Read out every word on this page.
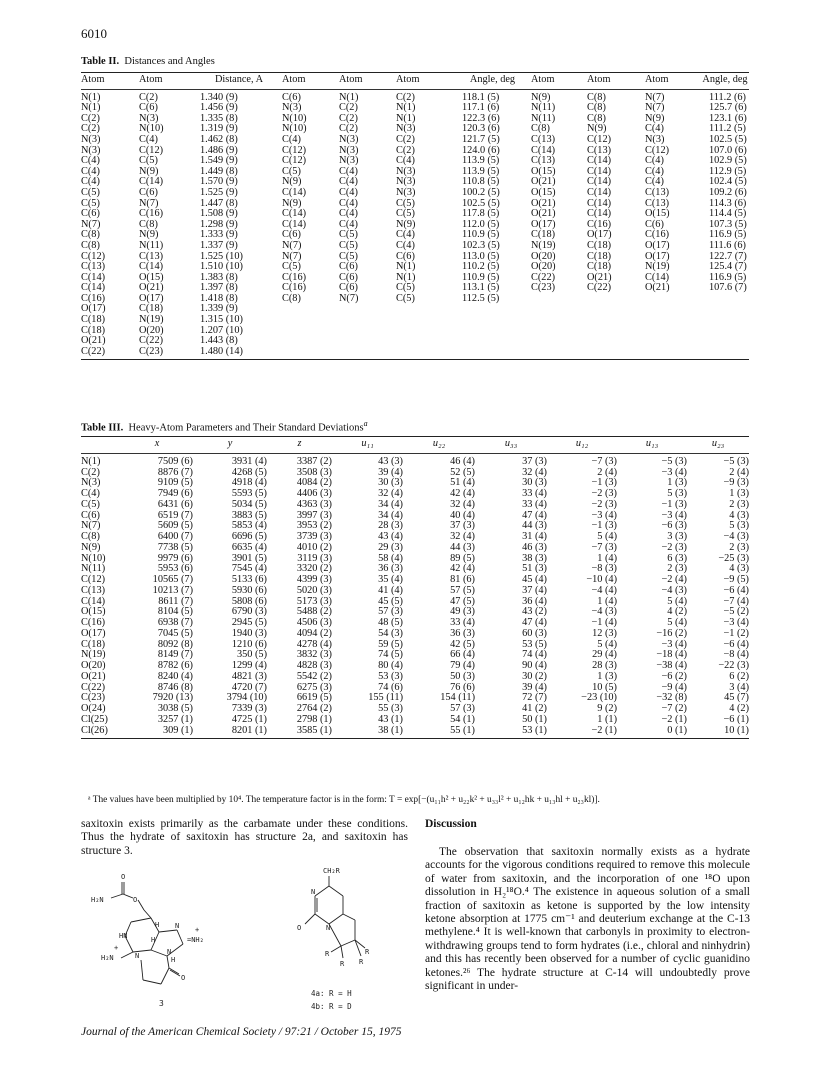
6010
Table II. Distances and Angles
Atom	Atom	Distance, A	Atom	Atom	Atom	Angle, deg	Atom	Atom	Atom	Angle, deg
N(1)	C(2)	1.340 (9)	C(6)	N(1)	C(2)	118.1 (5)	N(9)	C(8)	N(7)	111.2 (6)
N(1)	C(6)	1.456 (9)	N(3)	C(2)	N(1)	117.1 (6)	N(11)	C(8)	N(7)	125.7 (6)
C(2)	N(3)	1.335 (8)	N(10)	C(2)	N(1)	122.3 (6)	N(11)	C(8)	N(9)	123.1 (6)
C(2)	N(10)	1.319 (9)	N(10)	C(2)	N(3)	120.3 (6)	C(8)	N(9)	C(4)	111.2 (5)
N(3)	C(4)	1.462 (8)	C(4)	N(3)	C(2)	121.7 (5)	C(13)	C(12)	N(3)	102.5 (5)
N(3)	C(12)	1.486 (9)	C(12)	N(3)	C(2)	124.0 (6)	C(14)	C(13)	C(12)	107.0 (6)
C(4)	C(5)	1.549 (9)	C(12)	N(3)	C(4)	113.9 (5)	C(13)	C(14)	C(4)	102.9 (5)
C(4)	N(9)	1.449 (8)	C(5)	C(4)	N(3)	113.9 (5)	O(15)	C(14)	C(4)	112.9 (5)
C(4)	C(14)	1.570 (9)	N(9)	C(4)	N(3)	110.8 (5)	O(21)	C(14)	C(4)	102.4 (5)
C(5)	C(6)	1.525 (9)	C(14)	C(4)	N(3)	100.2 (5)	O(15)	C(14)	C(13)	109.2 (6)
C(5)	N(7)	1.447 (8)	N(9)	C(4)	C(5)	102.5 (5)	O(21)	C(14)	C(13)	114.3 (6)
C(6)	C(16)	1.508 (9)	C(14)	C(4)	C(5)	117.8 (5)	O(21)	C(14)	O(15)	114.4 (5)
N(7)	C(8)	1.298 (9)	C(14)	C(4)	N(9)	112.0 (5)	O(17)	C(16)	C(6)	107.3 (5)
C(8)	N(9)	1.333 (9)	C(6)	C(5)	C(4)	110.9 (5)	C(18)	O(17)	C(16)	116.9 (5)
C(8)	N(11)	1.337 (9)	N(7)	C(5)	C(4)	102.3 (5)	N(19)	C(18)	O(17)	111.6 (6)
C(12)	C(13)	1.525 (10)	N(7)	C(5)	C(6)	113.0 (5)	O(20)	C(18)	O(17)	122.7 (7)
C(13)	C(14)	1.510 (10)	C(5)	C(6)	N(1)	110.2 (5)	O(20)	C(18)	N(19)	125.4 (7)
C(14)	O(15)	1.383 (8)	C(16)	C(6)	N(1)	110.9 (5)	C(22)	O(21)	C(14)	116.9 (5)
C(14)	O(21)	1.397 (8)	C(16)	C(6)	C(5)	113.1 (5)	C(23)	C(22)	O(21)	107.6 (7)
C(16)	O(17)	1.418 (8)	C(8)	N(7)	C(5)	112.5 (5)				
O(17)	C(18)	1.339 (9)								
C(18)	N(19)	1.315 (10)								
C(18)	O(20)	1.207 (10)								
O(21)	C(22)	1.443 (8)								
C(22)	C(23)	1.480 (14)								
Table III. Heavy-Atom Parameters and Their Standard Deviations$^a$
	x	y	z	u₁₁	u₂₂	u₃₃	u₁₂	u₁₃	u₂₃
N(1)	7509 (6)	3931 (4)	3387 (2)	43 (3)	46 (4)	37 (3)	−7 (3)	−5 (3)	−5 (3)
C(2)	8876 (7)	4268 (5)	3508 (3)	39 (4)	52 (5)	32 (4)	2 (4)	−3 (4)	2 (4)
N(3)	9109 (5)	4918 (4)	4084 (2)	30 (3)	51 (4)	30 (3)	−1 (3)	1 (3)	−9 (3)
C(4)	7949 (6)	5593 (5)	4406 (3)	32 (4)	42 (4)	33 (4)	−2 (3)	5 (3)	1 (3)
C(5)	6431 (6)	5034 (5)	4363 (3)	34 (4)	32 (4)	33 (4)	−2 (3)	−1 (3)	2 (3)
C(6)	6519 (7)	3883 (5)	3997 (3)	34 (4)	40 (4)	47 (4)	−3 (4)	−3 (4)	4 (3)
N(7)	5609 (5)	5853 (4)	3953 (2)	28 (3)	37 (3)	44 (3)	−1 (3)	−6 (3)	5 (3)
C(8)	6400 (7)	6696 (5)	3739 (3)	43 (4)	32 (4)	31 (4)	5 (4)	3 (3)	−4 (3)
N(9)	7738 (5)	6635 (4)	4010 (2)	29 (3)	44 (3)	46 (3)	−7 (3)	−2 (3)	2 (3)
N(10)	9979 (6)	3901 (5)	3119 (3)	58 (4)	89 (5)	38 (3)	1 (4)	6 (3)	−25 (3)
N(11)	5953 (6)	7545 (4)	3320 (2)	36 (3)	42 (4)	51 (3)	−8 (3)	2 (3)	4 (3)
C(12)	10565 (7)	5133 (6)	4399 (3)	35 (4)	81 (6)	45 (4)	−10 (4)	−2 (4)	−9 (5)
C(13)	10213 (7)	5930 (6)	5020 (3)	41 (4)	57 (5)	37 (4)	−4 (4)	−4 (3)	−6 (4)
C(14)	8611 (7)	5808 (6)	5173 (3)	45 (5)	47 (5)	36 (4)	1 (4)	5 (4)	−7 (4)
O(15)	8104 (5)	6790 (3)	5488 (2)	57 (3)	49 (3)	43 (2)	−4 (3)	4 (2)	−5 (2)
C(16)	6938 (7)	2945 (5)	4506 (3)	48 (5)	33 (4)	47 (4)	−1 (4)	5 (4)	−3 (4)
O(17)	7045 (5)	1940 (3)	4094 (2)	54 (3)	36 (3)	60 (3)	12 (3)	−16 (2)	−1 (2)
C(18)	8092 (8)	1210 (6)	4278 (4)	59 (5)	42 (5)	53 (5)	5 (4)	−3 (4)	−6 (4)
N(19)	8149 (7)	350 (5)	3832 (3)	74 (5)	66 (4)	74 (4)	29 (4)	−18 (4)	−8 (4)
O(20)	8782 (6)	1299 (4)	4828 (3)	80 (4)	79 (4)	90 (4)	28 (3)	−38 (4)	−22 (3)
O(21)	8240 (4)	4821 (3)	5542 (2)	53 (3)	50 (3)	30 (2)	1 (3)	−6 (2)	6 (2)
C(22)	8746 (8)	4720 (7)	6275 (3)	74 (6)	76 (6)	39 (4)	10 (5)	−9 (4)	3 (4)
C(23)	7920 (13)	3794 (10)	6619 (5)	155 (11)	154 (11)	72 (7)	−23 (10)	−32 (8)	45 (7)
O(24)	3038 (5)	7339 (3)	2764 (2)	55 (3)	57 (3)	41 (2)	9 (2)	−7 (2)	4 (2)
Cl(25)	3257 (1)	4725 (1)	2798 (1)	43 (1)	54 (1)	50 (1)	1 (1)	−2 (1)	−6 (1)
Cl(26)	309 (1)	8201 (1)	3585 (1)	38 (1)	55 (1)	53 (1)	−2 (1)	0 (1)	10 (1)
ᵃ The values have been multiplied by 10⁴. The temperature factor is in the form: T = exp[−(u₁₁h² + u₂₂k² + u₃₃l² + u₁₂hk + u₁₃hl + u₂₃kl)].
saxitoxin exists primarily as the carbamate under these conditions. Thus the hydrate of saxitoxin has structure 2a, and saxitoxin has structure 3.
O
H₂N	O
HN
H N +
=NH₂
+
H₂N	N
H
N
H
O
3
CH₂R
N
O	N
R
R
R
R
4a: R = H
4b: R = D
Discussion
The observation that saxitoxin normally exists as a hydrate accounts for the vigorous conditions required to remove this molecule of water from saxitoxin, and the incorporation of one ¹⁸O upon dissolution in H₂¹⁸O.⁴ The existence in aqueous solution of a small fraction of saxitoxin as ketone is supported by the low intensity ketone absorption at 1775 cm⁻¹ and deuterium exchange at the C-13 methylene.⁴ It is well-known that carbonyls in proximity to electron-withdrawing groups tend to form hydrates (i.e., chloral and ninhydrin) and this has recently been observed for a number of cyclic guanidino ketones.²⁶ The hydrate structure at C-14 will undoubtedly prove significant in under-
Journal of the American Chemical Society / 97:21 / October 15, 1975
